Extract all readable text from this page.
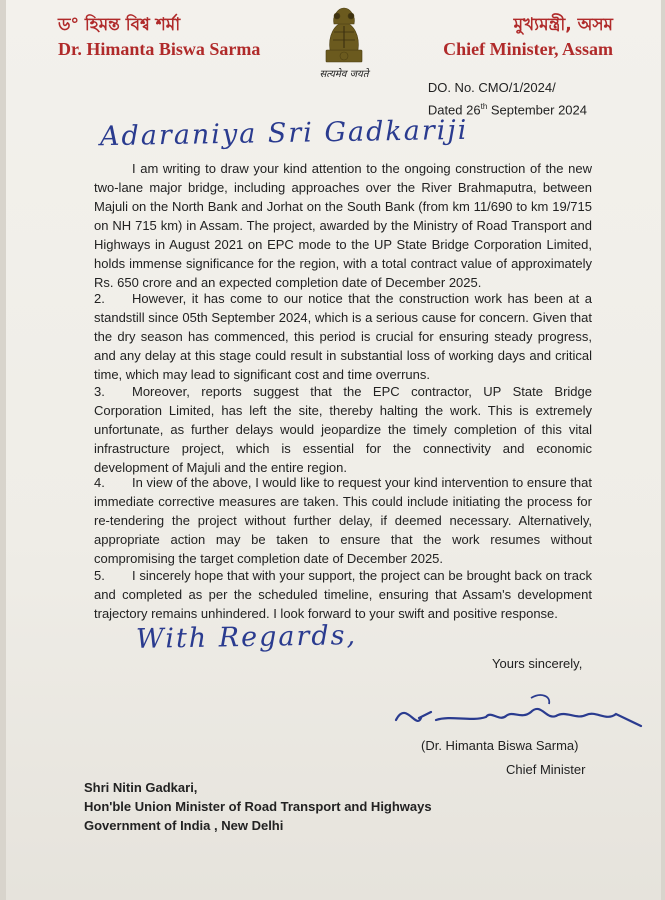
ড° হিমন্ত বিশ্ব শৰ্মা
Dr. Himanta Biswa Sarma
सत्यमेव जयते
মুখ্যমন্ত্ৰী, অসম
Chief Minister, Assam
DO. No. CMO/1/2024/
Dated 26th September 2024
Adaraniya Sri Gadkariji

I am writing to draw your kind attention to the ongoing construction of the new two-lane major bridge, including approaches over the River Brahmaputra, between Majuli on the North Bank and Jorhat on the South Bank (from km 11/690 to km 19/715 on NH 715 km) in Assam. The project, awarded by the Ministry of Road Transport and Highways in August 2021 on EPC mode to the UP State Bridge Corporation Limited, holds immense significance for the region, with a total contract value of approximately Rs. 650 crore and an expected completion date of December 2025.

2. However, it has come to our notice that the construction work has been at a standstill since 05th September 2024, which is a serious cause for concern. Given that the dry season has commenced, this period is crucial for ensuring steady progress, and any delay at this stage could result in substantial loss of working days and critical time, which may lead to significant cost and time overruns.

3. Moreover, reports suggest that the EPC contractor, UP State Bridge Corporation Limited, has left the site, thereby halting the work. This is extremely unfortunate, as further delays would jeopardize the timely completion of this vital infrastructure project, which is essential for the connectivity and economic development of Majuli and the entire region.

4. In view of the above, I would like to request your kind intervention to ensure that immediate corrective measures are taken. This could include initiating the process for re-tendering the project without further delay, if deemed necessary. Alternatively, appropriate action may be taken to ensure that the work resumes without compromising the target completion date of December 2025.

5. I sincerely hope that with your support, the project can be brought back on track and completed as per the scheduled timeline, ensuring that Assam's development trajectory remains unhindered. I look forward to your swift and positive response.

With Regards,
Yours sincerely,
(Dr. Himanta Biswa Sarma)
Chief Minister
Shri Nitin Gadkari,
Hon'ble Union Minister of Road Transport and Highways
Government of India , New Delhi
